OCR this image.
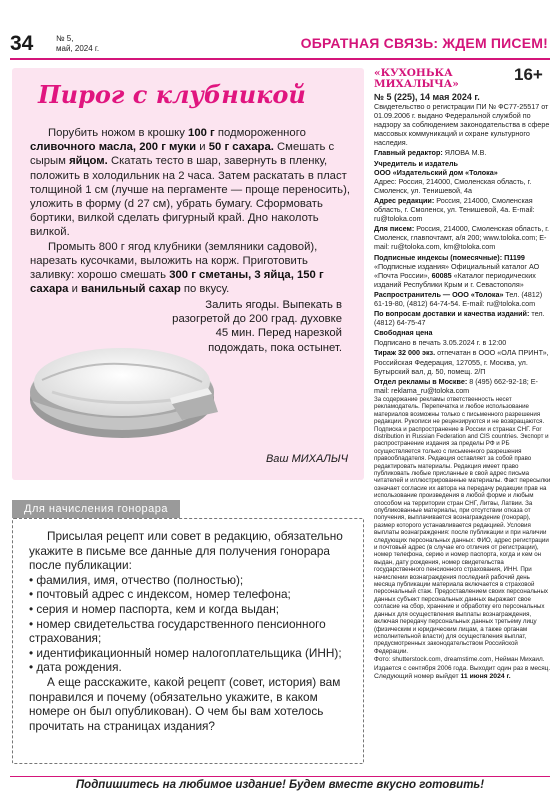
34	№ 5,
май, 2024 г.	ОБРАТНАЯ СВЯЗЬ: ЖДЕМ ПИСЕМ!
Пирог с клубникой

Порубить ножом в крошку 100 г подмороженного сливочного масла, 200 г муки и 50 г сахара. Смешать с сырым яйцом. Скатать тесто в шар, завернуть в пленку, положить в холодильник на 2 часа. Затем раскатать в пласт толщиной 1 см (лучше на пергаменте — проще переносить), уложить в форму (d 27 см), убрать бумагу. Сформовать бортики, вилкой сделать фигурный край. Дно наколоть вилкой.

Промыть 800 г ягод клубники (земляники садовой), нарезать кусочками, выложить на корж. Приготовить заливку: хорошо смешать 300 г сметаны, 3 яйца, 150 г сахара и ванильный сахар по вкусу.

Залить ягоды. Выпекать в разогретой до 200 град. духовке 45 мин. Перед нарезкой подождать, пока остынет.
Ваш МИХАЛЫЧ
Для начисления гонорара

Присылая рецепт или совет в редакцию, обязательно укажите в письме все данные для получения гонорара после публикации:

• фамилия, имя, отчество (полностью);
• почтовый адрес с индексом, номер телефона;
• серия и номер паспорта, кем и когда выдан;
• номер свидетельства государственного пенсионного страхования;
• идентификационный номер налогоплательщика (ИНН);
• дата рождения.

А еще расскажите, какой рецепт (совет, история) вам понравился и почему (обязательно укажите, в каком номере он был опубликован). О чем бы вам хотелось прочитать на страницах издания?

«КУХОНЬКА
МИХАЛЫЧА»	16+
№ 5 (225), 14 мая 2024 г.

Свидетельство о регистрации ПИ № ФС77-25517 от 01.09.2006 г. выдано Федеральной службой по надзору за соблюдением законодательства в сфере массовых коммуникаций и охране культурного наследия.

Главный редактор: ЯЛОВА М.В.

Учредитель и издатель
ООО «Издательский дом «Толока»
Адрес: Россия, 214000, Смоленская область, г. Смоленск, ул. Тенишевой, 4а

Адрес редакции: Россия, 214000, Смоленская область, г. Смоленск, ул. Тенишевой, 4а. E-mail: ru@toloka.com

Для писем: Россия, 214000, Смоленская область, г. Смоленск, главпочтамт, а/я 200; www.toloka.com; E-mail: ru@toloka.com, km@toloka.com

Подписные индексы (помесячные): П1199 «Подписные издания» Официальный каталог АО «Почта России», 60085 «Каталог периодических изданий Республики Крым и г. Севастополя»

Распространитель — ООО «Толока» Тел. (4812) 61-19-80, (4812) 64-74-54. E-mail: ru@toloka.com

По вопросам доставки и качества изданий: тел. (4812) 64-75-47

Свободная цена

Подписано в печать 3.05.2024 г. в 12:00

Тираж 32 000 экз. отпечатан в ООО «ОЛА ПРИНТ», Российская Федерация, 127055, г. Москва, ул. Бутырский вал, д. 50, помещ. 2/П

Отдел рекламы в Москве: 8 (495) 662-92-18; E-mail: reklama_ru@toloka.com

За содержание рекламы ответственность несет рекламодатель. Перепечатка и любое использование материалов возможны только с письменного разрешения редакции. Рукописи не рецензируются и не возвращаются. Подписка и распространение в России и странах СНГ. For distribution in Russian Federation and CIS countries. Экспорт и распространение издания за пределы РФ и РБ осуществляется только с письменного разрешения правообладателя. Редакция оставляет за собой право редактировать материалы. Редакция имеет право публиковать любые присланные в свой адрес письма читателей и иллюстрированные материалы. Факт пересылки означает согласие их автора на передачу редакции прав на использование произведения в любой форме и любым способом на территории стран СНГ, Литвы, Латвии. За опубликованные материалы, при отсутствии отказа от получения, выплачивается вознаграждение (гонорар), размер которого устанавливается редакцией. Условия выплаты вознаграждения: после публикации и при наличии следующих персональных данных: ФИО, адрес регистрации и почтовый адрес (в случае его отличия от регистрации), номер телефона, серию и номер паспорта, когда и кем он выдан, дату рождения, номер свидетельства государственного пенсионного страхования, ИНН. При начислении вознаграждения последний рабочий день месяца публикации материала включается в страховой персональный стаж. Предоставлением своих персональных данных субъект персональных данных выражает свое согласие на сбор, хранение и обработку его персональных данных для осуществления выплаты вознаграждения, включая передачу персональных данных третьему лицу (физическим и юридическим лицам, а также органам исполнительной власти) для осуществления выплат, предусмотренных законодательством Российской Федерации.

Фото: shutterstock.com, dreamstime.com, Нейман Михаил.

Издается с сентября 2006 года. Выходит один раз в месяц.

Следующий номер выйдет 11 июня 2024 г.

Подпишитесь на любимое издание! Будем вместе вкусно готовить!
